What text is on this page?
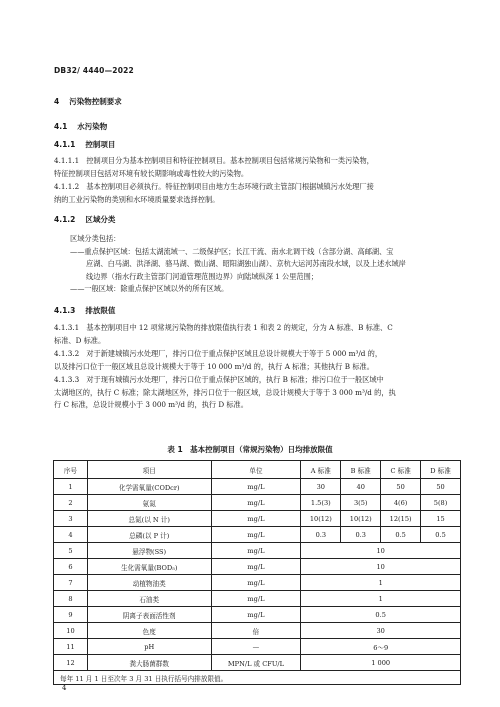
DB32/ 4440—2022
4 污染物控制要求
4.1 水污染物
4.1.1 控制项目
4.1.1.1　控制项目分为基本控制项目和特征控制项目。基本控制项目包括常规污染物和一类污染物，
特征控制项目包括对环境有较长期影响或毒性较大的污染物。
4.1.1.2　基本控制项目必须执行。特征控制项目由地方生态环境行政主管部门根据城镇污水处理厂接
纳的工业污染物的类别和水环境质量要求选择控制。
4.1.2 区域分类
区域分类包括：
——重点保护区域：包括太湖流域一、二级保护区；长江干流、南水北调干线（含部分湖、高邮湖、宝
应湖、白马湖、洪泽湖、骆马湖、微山湖、昭阳湖独山湖）、京杭大运河苏南段水域，以及上述水域岸
线边界（指水行政主管部门河道管理范围边界）向陆域纵深 1 公里范围；
——一般区域：除重点保护区域以外的所有区域。
4.1.3 排放限值
4.1.3.1　基本控制项目中 12 项常规污染物的排放限值执行表 1 和表 2 的规定，分为 A 标准、B 标准、C
标准、D 标准。
4.1.3.2　对于新建城镇污水处理厂，排污口位于重点保护区域且总设计规模大于等于 5 000 m³/d 的，
以及排污口位于一般区域且总设计规模大于等于 10 000 m³/d 的，执行 A 标准；其他执行 B 标准。
4.1.3.3　对于现有城镇污水处理厂，排污口位于重点保护区域的，执行 B 标准；排污口位于一般区域中
太湖地区的，执行 C 标准；除太湖地区外，排污口位于一般区域，总设计规模大于等于 3 000 m³/d 的，执
行 C 标准，总设计规模小于 3 000 m³/d 的，执行 D 标准。
表 1　基本控制项目（常规污染物）日均排放限值
序号	项目	单位	A 标准	B 标准	C 标准	D 标准
1	化学需氧量(CODcr)	mg/L	30	40	50	50
2	氨氮	mg/L	1.5(3)	3(5)	4(6)	5(8)
3	总氮(以 N 计)	mg/L	10(12)	10(12)	12(15)	15
4	总磷(以 P 计)	mg/L	0.3	0.3	0.5	0.5
5	悬浮物(SS)	mg/L	10			
6	生化需氧量(BOD₅)	mg/L	10			
7	动植物油类	mg/L	1			
8	石油类	mg/L	1			
9	阴离子表面活性剂	mg/L	0.5			
10	色度	倍	30			
11	pH	—	6～9			
12	粪大肠菌群数	MPN/L 或 CFU/L	1 000			
每年 11 月 1 日至次年 3 月 31 日执行括号内排放限值。						
4
